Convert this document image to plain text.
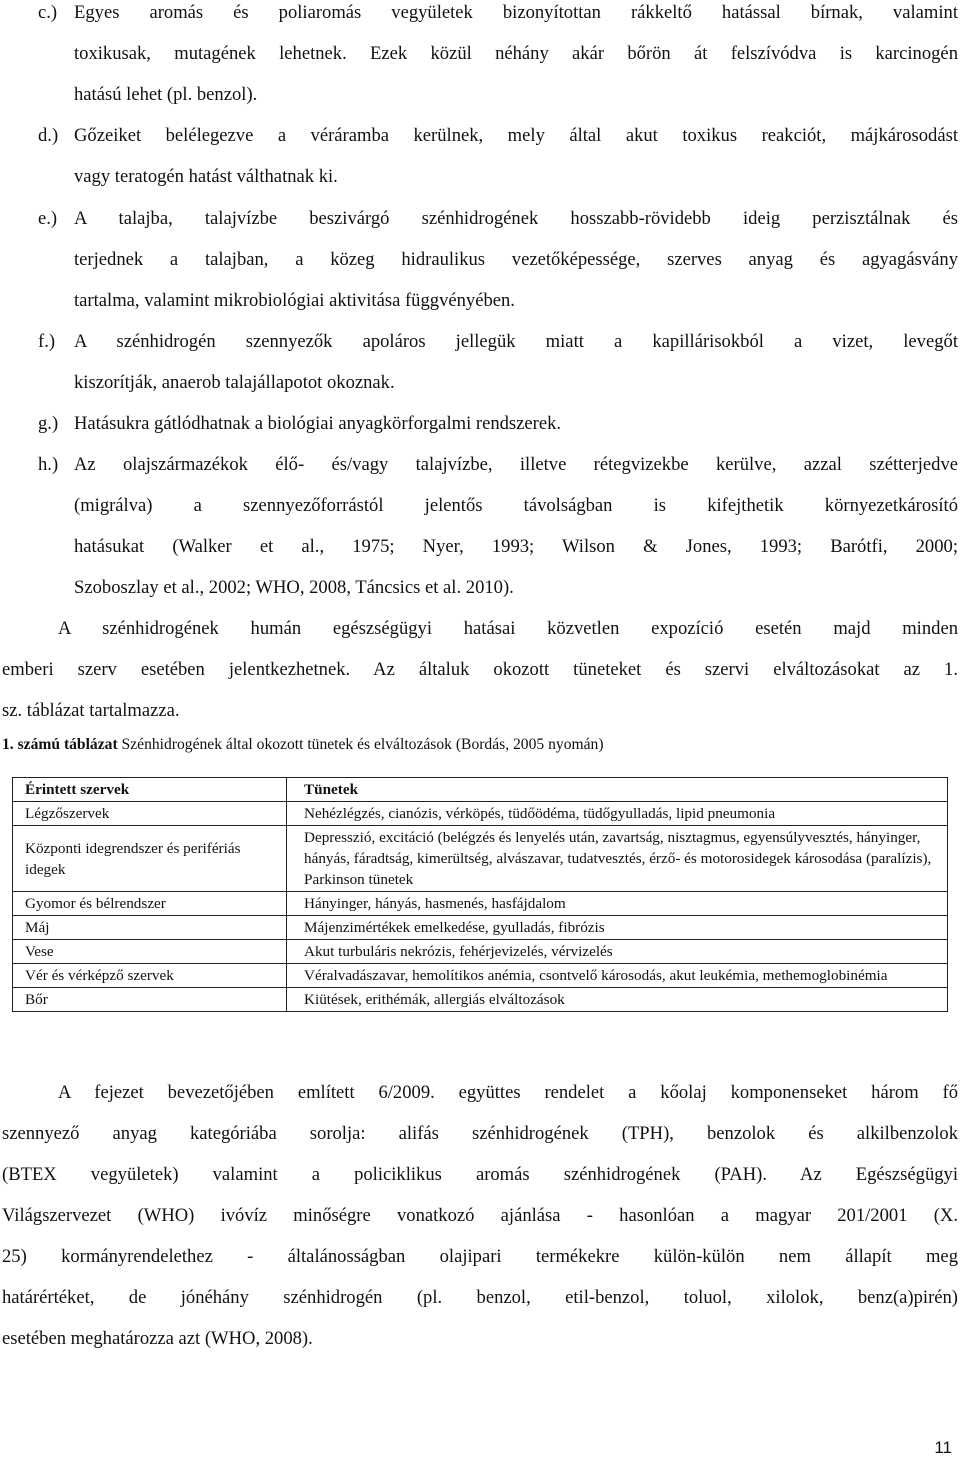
c.) Egyes aromás és poliaromás vegyületek bizonyítottan rákkeltő hatással bírnak, valamint
toxikusak, mutagének lehetnek. Ezek közül néhány akár bőrön át felszívódva is karcinogén
hatású lehet (pl. benzol).
d.) Gőzeiket belélegezve a véráramba kerülnek, mely által akut toxikus reakciót, májkárosodást
vagy teratogén hatást válthatnak ki.
e.) A talajba, talajvízbe beszivárgó szénhidrogének hosszabb-rövidebb ideig perzisztálnak és
terjednek a talajban, a közeg hidraulikus vezetőképessége, szerves anyag és agyagásvány
tartalma, valamint mikrobiológiai aktivitása függvényében.
f.) A szénhidrogén szennyezők apoláros jellegük miatt a kapillárisokból a vizet, levegőt
kiszorítják, anaerob talajállapotot okoznak.
g.) Hatásukra gátlódhatnak a biológiai anyagkörforgalmi rendszerek.
h.) Az olajszármazékok élő- és/vagy talajvízbe, illetve rétegvizekbe kerülve, azzal szétterjedve
(migrálva) a szennyezőforrástól jelentős távolságban is kifejthetik környezetkárosító
hatásukat (Walker et al., 1975; Nyer, 1993; Wilson & Jones, 1993; Barótfi, 2000;
Szoboszlay et al., 2002; WHO, 2008, Táncsics et al. 2010).
A szénhidrogének humán egészségügyi hatásai közvetlen expozíció esetén majd minden
emberi szerv esetében jelentkezhetnek. Az általuk okozott tüneteket és szervi elváltozásokat az 1.
sz. táblázat tartalmazza.
1. számú táblázat Szénhidrogének által okozott tünetek és elváltozások (Bordás, 2005 nyomán)
Érintett szervek	Tünetek
Légzőszervek	Nehézlégzés, cianózis, vérköpés, tüdőödéma, tüdőgyulladás, lipid pneumonia
Központi idegrendszer és perifériás idegek	Depresszió, excitáció (belégzés és lenyelés után, zavartság, nisztagmus, egyensúlyvesztés, hányinger, hányás, fáradtság, kimerültség, alvászavar, tudatvesztés, érző- és motorosidegek károsodása (paralízis), Parkinson tünetek
Gyomor és bélrendszer	Hányinger, hányás, hasmenés, hasfájdalom
Máj	Májenzimértékek emelkedése, gyulladás, fibrózis
Vese	Akut turbuláris nekrózis, fehérjevizelés, vérvizelés
Vér és vérképző szervek	Véralvadászavar, hemolítikos anémia, csontvelő károsodás, akut leukémia, methemoglobinémia
Bőr	Kiütések, erithémák, allergiás elváltozások
A fejezet bevezetőjében említett 6/2009. együttes rendelet a kőolaj komponenseket három fő
szennyező anyag kategóriába sorolja: alifás szénhidrogének (TPH), benzolok és alkilbenzolok
(BTEX vegyületek) valamint a policiklikus aromás szénhidrogének (PAH). Az Egészségügyi
Világszervezet (WHO) ivóvíz minőségre vonatkozó ajánlása - hasonlóan a magyar 201/2001 (X.
25) kormányrendelethez - általánosságban olajipari termékekre külön-külön nem állapít meg
határértéket, de jónéhány szénhidrogén (pl. benzol, etil-benzol, toluol, xilolok, benz(a)pirén)
esetében meghatározza azt (WHO, 2008).
11
